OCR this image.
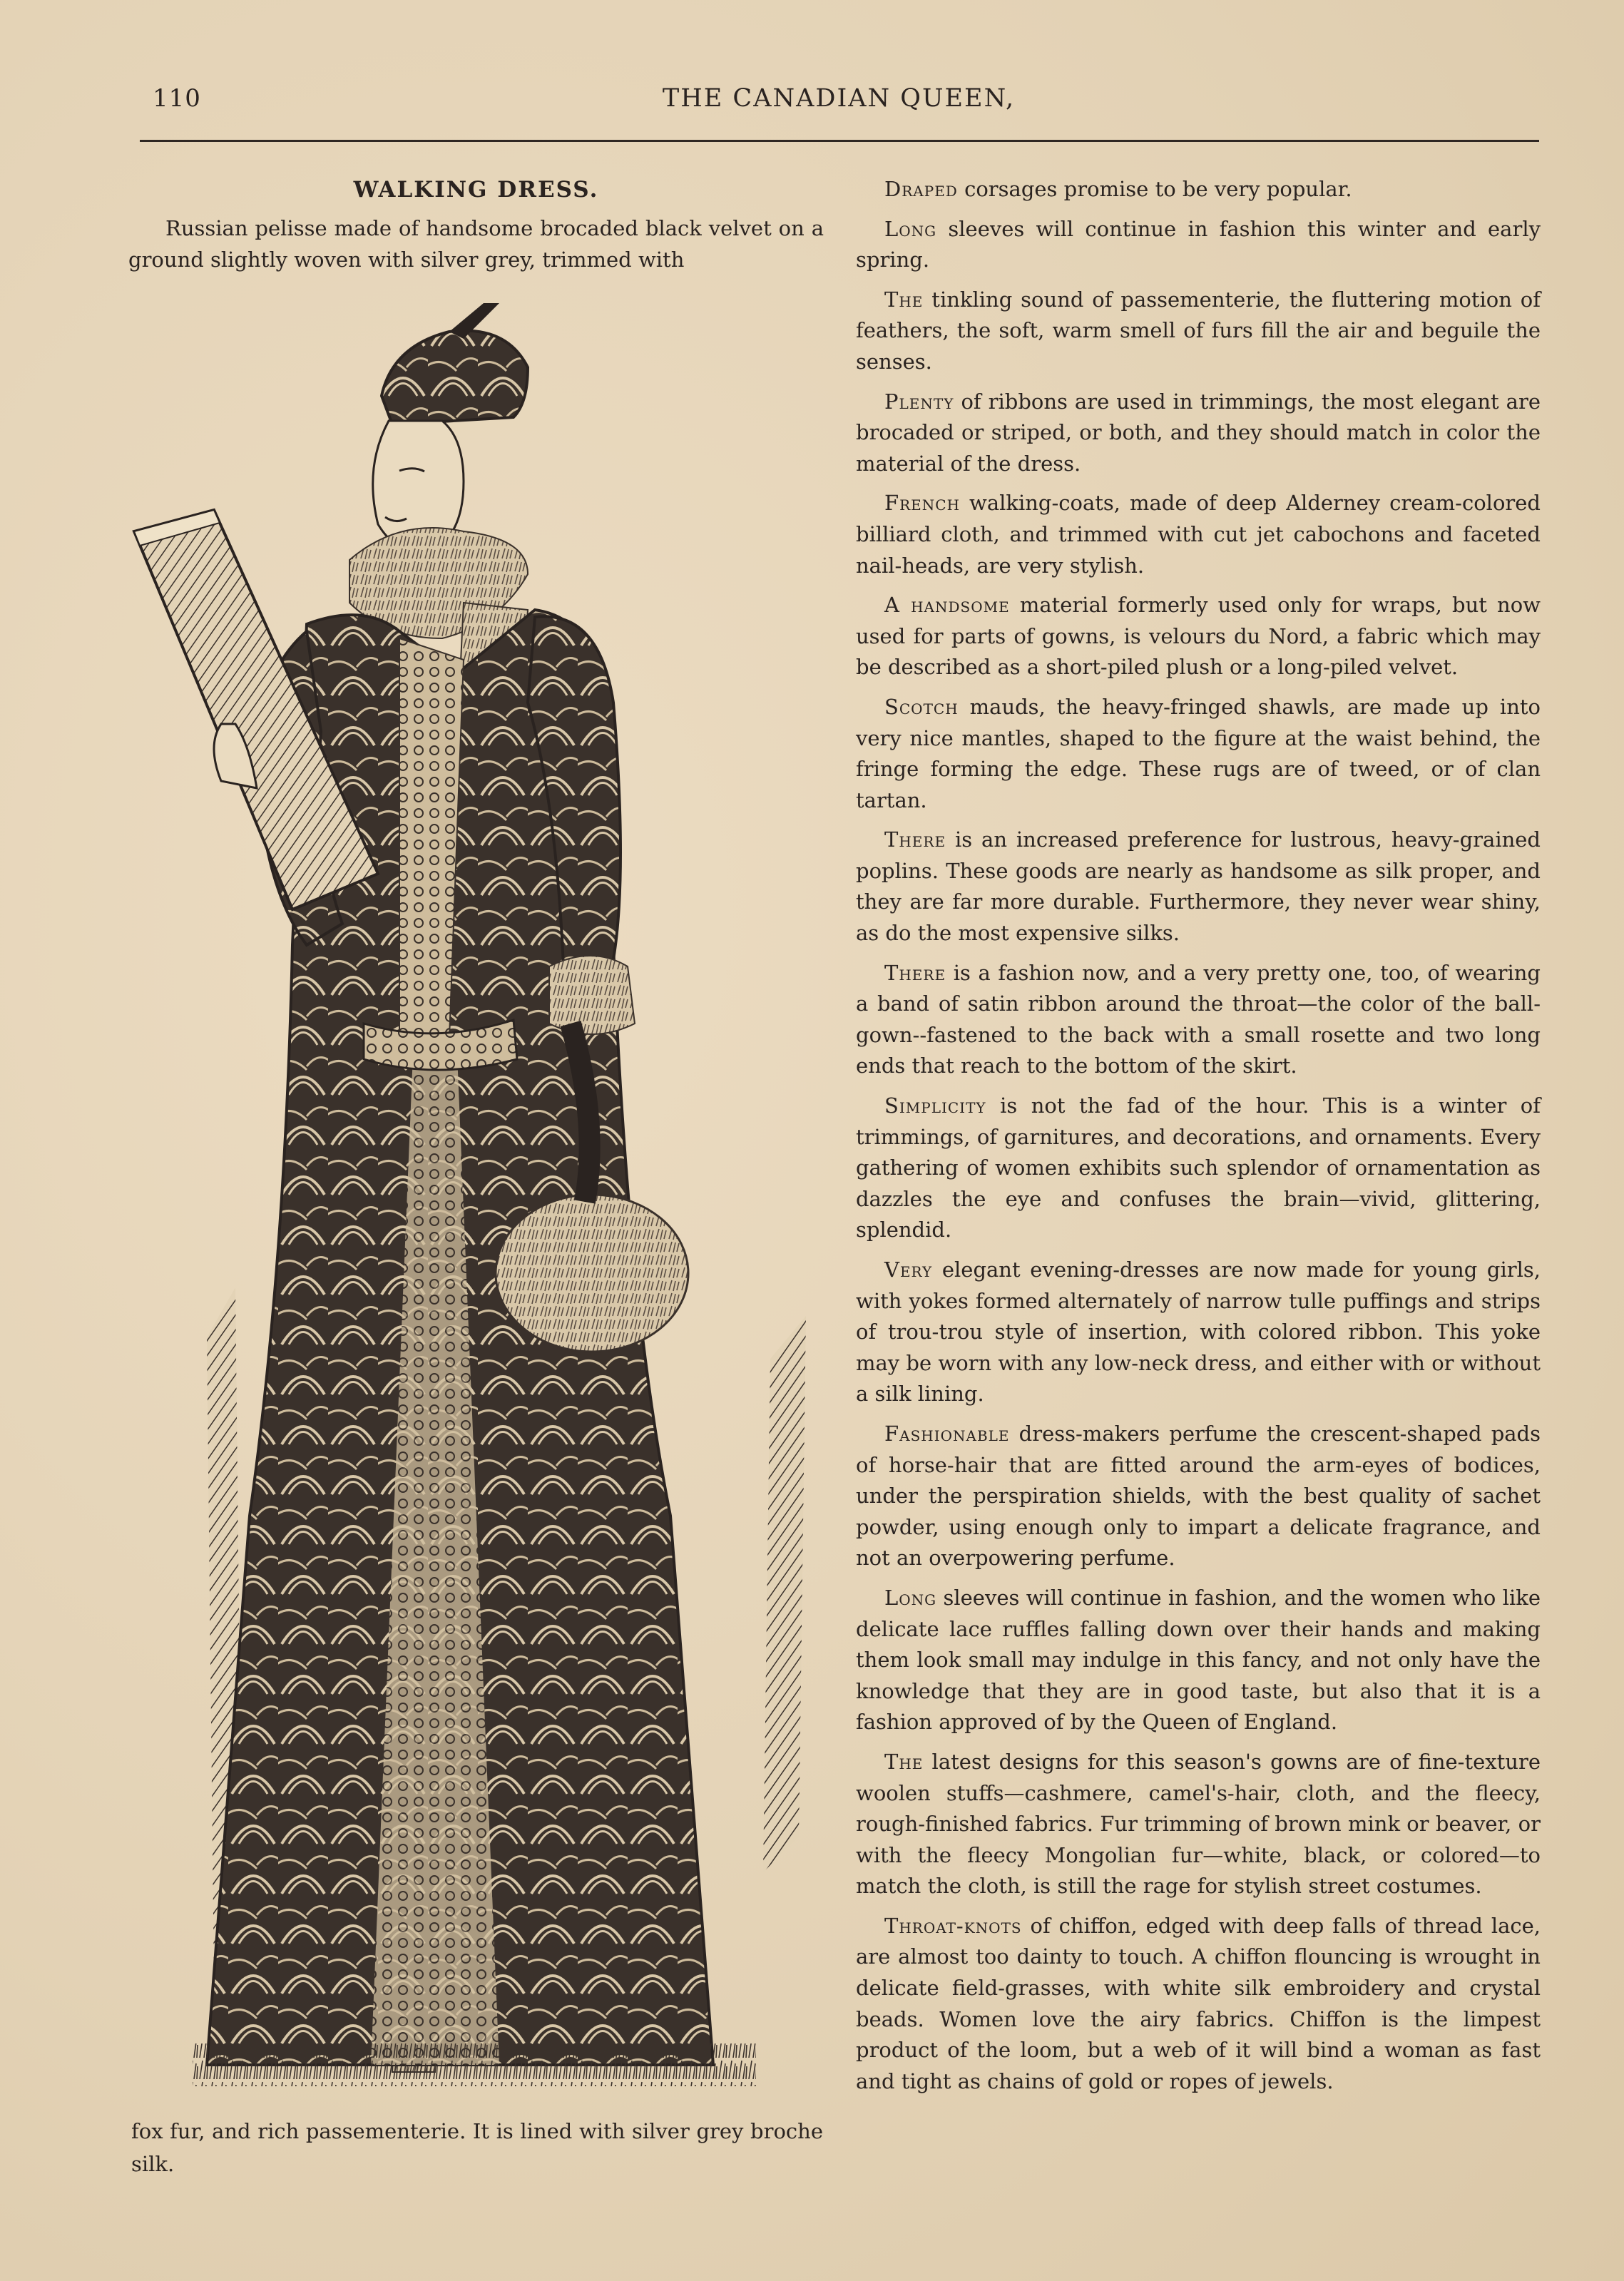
110	THE CANADIAN QUEEN,
WALKING DRESS.

Russian pelisse made of handsome brocaded black velvet on a ground slightly woven with silver grey, trimmed with

fox fur, and rich passementerie. It is lined with silver grey broche silk.

Draped corsages promise to be very popular.

Long sleeves will continue in fashion this winter and early spring.

The tinkling sound of passementerie, the fluttering motion of feathers, the soft, warm smell of furs fill the air and beguile the senses.

Plenty of ribbons are used in trimmings, the most elegant are brocaded or striped, or both, and they should match in color the material of the dress.

French walking-coats, made of deep Alderney cream-colored billiard cloth, and trimmed with cut jet cabochons and faceted nail-heads, are very stylish.

A handsome material formerly used only for wraps, but now used for parts of gowns, is velours du Nord, a fabric which may be described as a short-piled plush or a long-piled velvet.

Scotch mauds, the heavy-fringed shawls, are made up into very nice mantles, shaped to the figure at the waist behind, the fringe forming the edge. These rugs are of tweed, or of clan tartan.

There is an increased preference for lustrous, heavy-grained poplins. These goods are nearly as handsome as silk proper, and they are far more durable. Furthermore, they never wear shiny, as do the most expensive silks.

There is a fashion now, and a very pretty one, too, of wearing a band of satin ribbon around the throat—the color of the ball-gown--fastened to the back with a small rosette and two long ends that reach to the bottom of the skirt.

Simplicity is not the fad of the hour. This is a winter of trimmings, of garnitures, and decorations, and ornaments. Every gathering of women exhibits such splendor of ornamentation as dazzles the eye and confuses the brain—vivid, glittering, splendid.

Very elegant evening-dresses are now made for young girls, with yokes formed alternately of narrow tulle puffings and strips of trou-trou style of insertion, with colored ribbon. This yoke may be worn with any low-neck dress, and either with or without a silk lining.

Fashionable dress-makers perfume the crescent-shaped pads of horse-hair that are fitted around the arm-eyes of bodices, under the perspiration shields, with the best quality of sachet powder, using enough only to impart a delicate fragrance, and not an overpowering perfume.

Long sleeves will continue in fashion, and the women who like delicate lace ruffles falling down over their hands and making them look small may indulge in this fancy, and not only have the knowledge that they are in good taste, but also that it is a fashion approved of by the Queen of England.

The latest designs for this season's gowns are of fine-texture woolen stuffs—cashmere, camel's-hair, cloth, and the fleecy, rough-finished fabrics. Fur trimming of brown mink or beaver, or with the fleecy Mongolian fur—white, black, or colored—to match the cloth, is still the rage for stylish street costumes.

Throat-knots of chiffon, edged with deep falls of thread lace, are almost too dainty to touch. A chiffon flouncing is wrought in delicate field-grasses, with white silk embroidery and crystal beads. Women love the airy fabrics. Chiffon is the limpest product of the loom, but a web of it will bind a woman as fast and tight as chains of gold or ropes of jewels.
